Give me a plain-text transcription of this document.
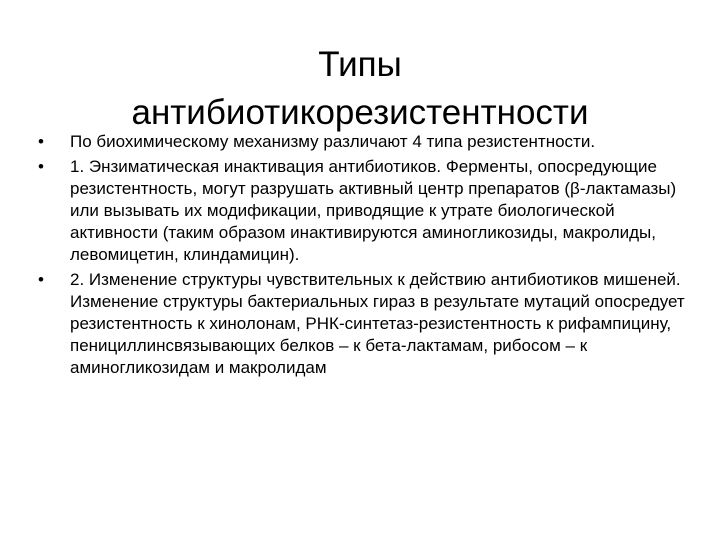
Типы
антибиотикорезистентности
•	По биохимическому механизму различают 4 типа резистентности.
•	1. Энзиматическая инактивация антибиотиков. Ферменты, опосредующие резистентность, могут разрушать активный центр препаратов (β-лактамазы) или вызывать их модификации, приводящие к утрате биологической активности (таким образом инактивируются аминогликозиды, макролиды, левомицетин, клиндамицин).
•	2. Изменение структуры чувствительных к действию антибиотиков мишеней. Изменение структуры бактериальных гираз в результате мутаций опосредует резистентность к хинолонам, РНК-синтетаз-резистентность к рифампицину, пенициллинсвязывающих белков – к бета-лактамам, рибосом – к аминогликозидам и макролидам
